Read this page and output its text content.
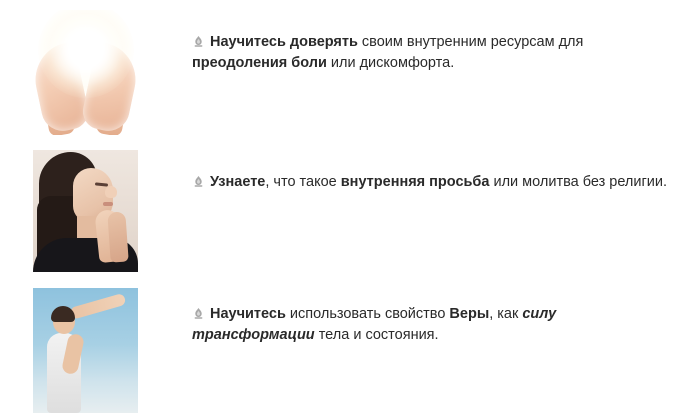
Научитесь доверять своим внутренним ресурсам для преодоления боли или дискомфорта.
Узнаете, что такое внутренняя просьба или молитва без религии.
Научитесь использовать свойство Веры, как силу трансформации тела и состояния.
